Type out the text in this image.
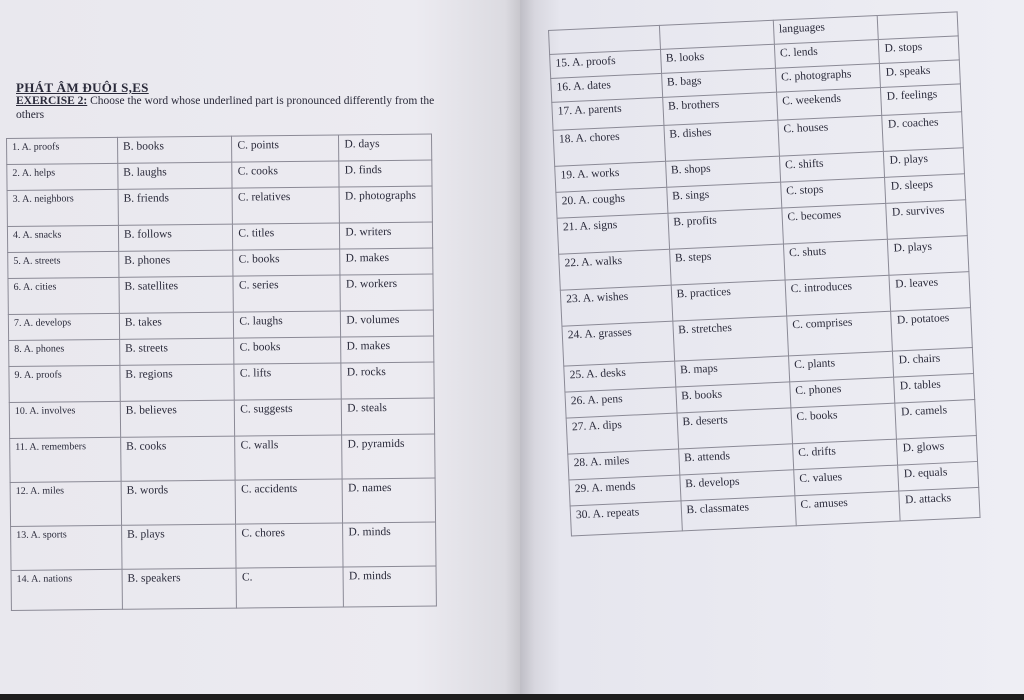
PHÁT ÂM ĐUÔI S,ES
EXERCISE 2: Choose the word whose underlined part is pronounced differently from the others
1. A. proofs	B. books	C. points	D. days
2. A. helps	B. laughs	C. cooks	D. finds
3. A. neighbors	B. friends	C. relatives	D. photographs
4. A. snacks	B. follows	C. titles	D. writers
5. A. streets	B. phones	C. books	D. makes
6. A. cities	B. satellites	C. series	D. workers
7. A. develops	B. takes	C. laughs	D. volumes
8. A. phones	B. streets	C. books	D. makes
9. A. proofs	B. regions	C. lifts	D. rocks
10. A. involves	B. believes	C. suggests	D. steals
11. A. remembers	B. cooks	C. walls	D. pyramids
12. A. miles	B. words	C. accidents	D. names
13. A. sports	B. plays	C. chores	D. minds
14. A. nations	B. speakers	C.	D. minds
		languages	
15. A. proofs	B. looks	C. lends	D. stops
16. A. dates	B. bags	C. photographs	D. speaks
17. A. parents	B. brothers	C. weekends	D. feelings
18. A. chores	B. dishes	C. houses	D. coaches
19. A. works	B. shops	C. shifts	D. plays
20. A. coughs	B. sings	C. stops	D. sleeps
21. A. signs	B. profits	C. becomes	D. survives
22. A. walks	B. steps	C. shuts	D. plays
23. A. wishes	B. practices	C. introduces	D. leaves
24. A. grasses	B. stretches	C. comprises	D. potatoes
25. A. desks	B. maps	C. plants	D. chairs
26. A. pens	B. books	C. phones	D. tables
27. A. dips	B. deserts	C. books	D. camels
28. A. miles	B. attends	C. drifts	D. glows
29. A. mends	B. develops	C. values	D. equals
30. A. repeats	B. classmates	C. amuses	D. attacks
